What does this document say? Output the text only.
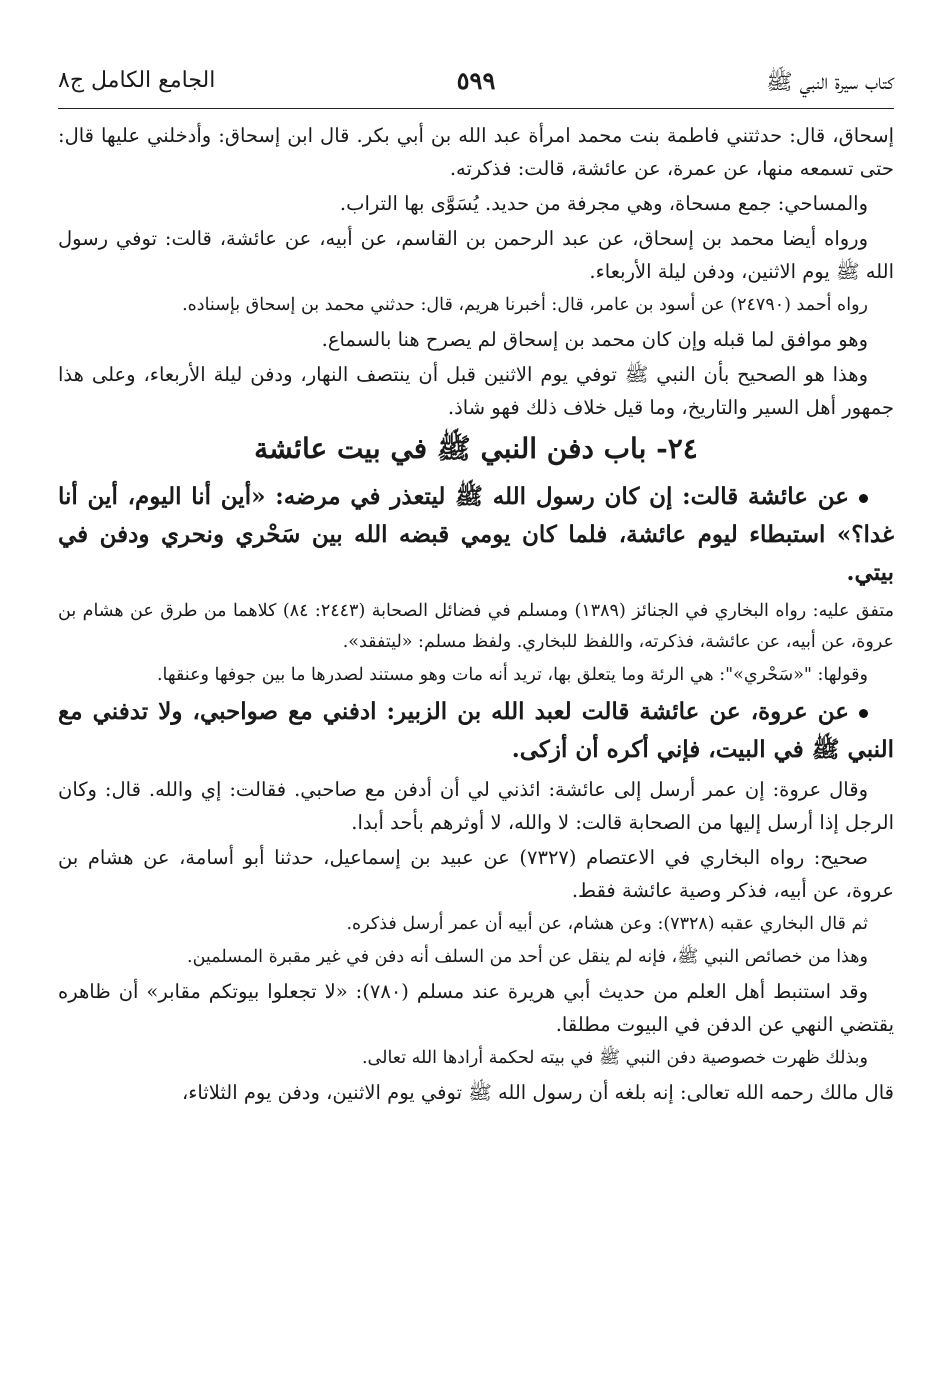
كتاب سيرة النبي ﷺ
٥٩٩
الجامع الكامل ج٨

إسحاق، قال: حدثتني فاطمة بنت محمد امرأة عبد الله بن أبي بكر. قال ابن إسحاق: وأدخلني عليها قال: حتى تسمعه منها، عن عمرة، عن عائشة، قالت: فذكرته.

والمساحي: جمع مسحاة، وهي مجرفة من حديد. يُسَوَّى بها التراب.

ورواه أيضا محمد بن إسحاق، عن عبد الرحمن بن القاسم، عن أبيه، عن عائشة، قالت: توفي رسول الله ﷺ يوم الاثنين، ودفن ليلة الأربعاء.

رواه أحمد (٢٤٧٩٠) عن أسود بن عامر، قال: أخبرنا هريم، قال: حدثني محمد بن إسحاق بإسناده.

وهو موافق لما قبله وإن كان محمد بن إسحاق لم يصرح هنا بالسماع.

وهذا هو الصحيح بأن النبي ﷺ توفي يوم الاثنين قبل أن ينتصف النهار، ودفن ليلة الأربعاء، وعلى هذا جمهور أهل السير والتاريخ، وما قيل خلاف ذلك فهو شاذ.

٢٤- باب دفن النبي ﷺ في بيت عائشة

عن عائشة قالت: إن كان رسول الله ﷺ ليتعذر في مرضه: «أين أنا اليوم، أين أنا غدا؟» استبطاء ليوم عائشة، فلما كان يومي قبضه الله بين سَحْري ونحري ودفن في بيتي.

متفق عليه: رواه البخاري في الجنائز (١٣٨٩) ومسلم في فضائل الصحابة (٢٤٤٣: ٨٤) كلاهما من طرق عن هشام بن عروة، عن أبيه، عن عائشة، فذكرته، واللفظ للبخاري. ولفظ مسلم: «ليتفقد».

وقولها: "«سَحْري»": هي الرئة وما يتعلق بها، تريد أنه مات وهو مستند لصدرها ما بين جوفها وعنقها.

عن عروة، عن عائشة قالت لعبد الله بن الزبير: ادفني مع صواحبي، ولا تدفني مع النبي ﷺ في البيت، فإني أكره أن أزكى.

وقال عروة: إن عمر أرسل إلى عائشة: ائذني لي أن أدفن مع صاحبي. فقالت: إي والله. قال: وكان الرجل إذا أرسل إليها من الصحابة قالت: لا والله، لا أوثرهم بأحد أبدا.

صحيح: رواه البخاري في الاعتصام (٧٣٢٧) عن عبيد بن إسماعيل، حدثنا أبو أسامة، عن هشام بن عروة، عن أبيه، فذكر وصية عائشة فقط.

ثم قال البخاري عقبه (٧٣٢٨): وعن هشام، عن أبيه أن عمر أرسل فذكره.

وهذا من خصائص النبي ﷺ، فإنه لم ينقل عن أحد من السلف أنه دفن في غير مقبرة المسلمين.

وقد استنبط أهل العلم من حديث أبي هريرة عند مسلم (٧٨٠): «لا تجعلوا بيوتكم مقابر» أن ظاهره يقتضي النهي عن الدفن في البيوت مطلقا.

وبذلك ظهرت خصوصية دفن النبي ﷺ في بيته لحكمة أرادها الله تعالى.

قال مالك رحمه الله تعالى: إنه بلغه أن رسول الله ﷺ توفي يوم الاثنين، ودفن يوم الثلاثاء،
